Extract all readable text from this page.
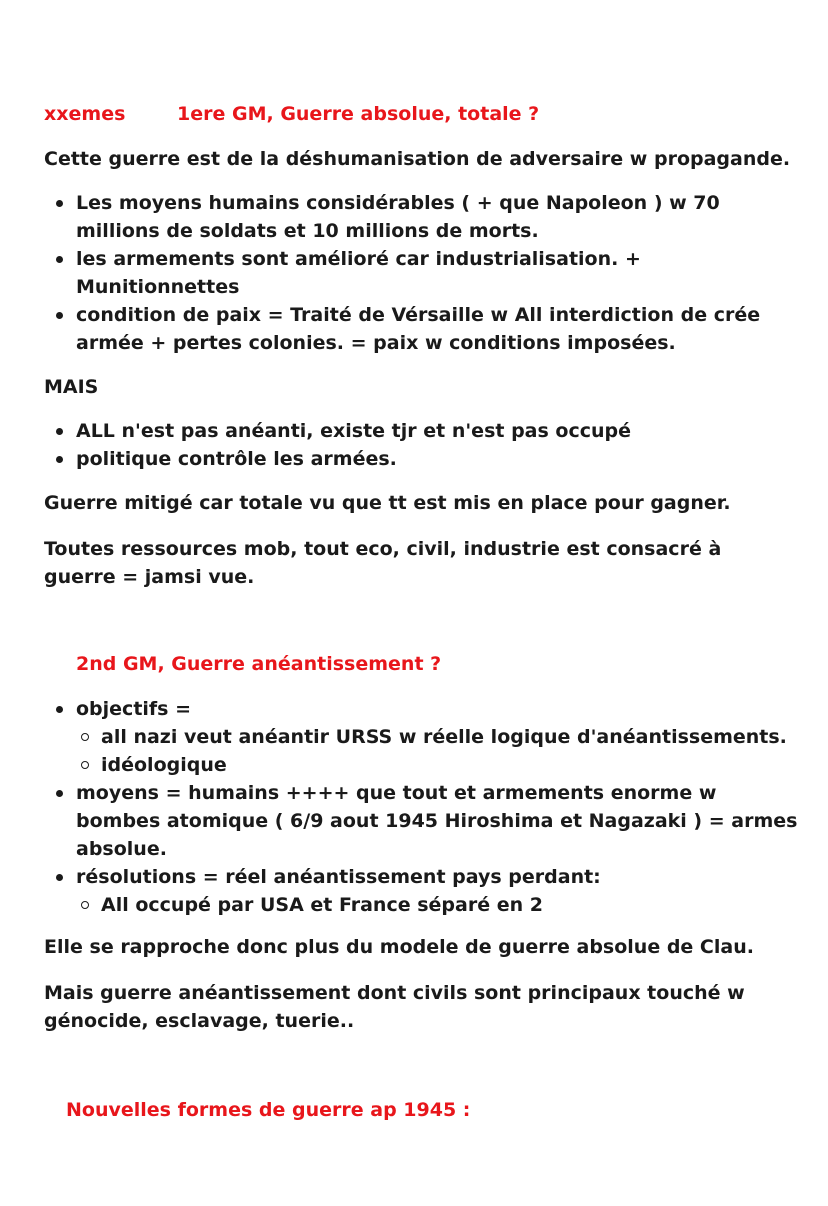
xxemes	1ere GM, Guerre absolue, totale ?

Cette guerre est de la déshumanisation de adversaire w propagande.

Les moyens humains considérables ( + que Napoleon ) w 70 millions de soldats et 10 millions de morts.
les armements sont amélioré car industrialisation. + Munitionnettes
condition de paix = Traité de Vérsaille w All interdiction de crée armée + pertes colonies. = paix w conditions imposées.

MAIS

ALL n'est pas anéanti, existe tjr et n'est pas occupé
politique contrôle les armées.

Guerre mitigé car totale vu que tt est mis en place pour gagner.

Toutes ressources mob, tout eco, civil, industrie est consacré à guerre = jamsi vue.

2nd GM, Guerre anéantissement ?
objectifs =
all nazi veut anéantir URSS w réelle logique d'anéantissements.
idéologique
moyens = humains ++++ que tout et armements enorme w bombes atomique ( 6/9 aout 1945 Hiroshima et Nagazaki ) = armes absolue.
résolutions = réel anéantissement pays perdant:
All occupé par USA et France séparé en 2

Elle se rapproche donc plus du modele de guerre absolue de Clau.

Mais guerre anéantissement dont civils sont principaux touché w génocide, esclavage, tuerie..

Nouvelles formes de guerre ap 1945 :
